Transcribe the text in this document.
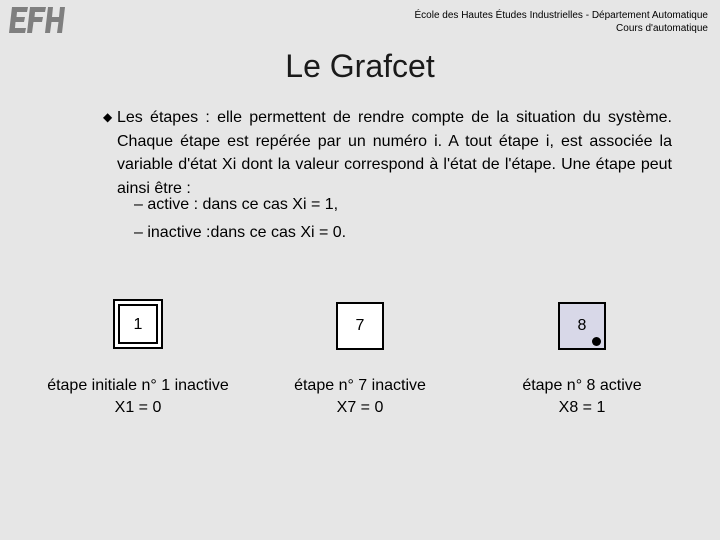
École des Hautes Études Industrielles - Département Automatique
Cours d'automatique
Le Grafcet
◆ Les étapes : elle permettent de rendre compte de la situation du système. Chaque étape est repérée par un numéro i. A tout étape i, est associée la variable d'état Xi dont la valeur correspond à l'état de l'étape. Une étape peut ainsi être :
– active : dans ce cas Xi = 1,
– inactive :dans ce cas Xi = 0.
1
étape initiale n° 1 inactive
X1 = 0
7
étape n° 7 inactive
X7 = 0
8
étape n° 8 active
X8 = 1
